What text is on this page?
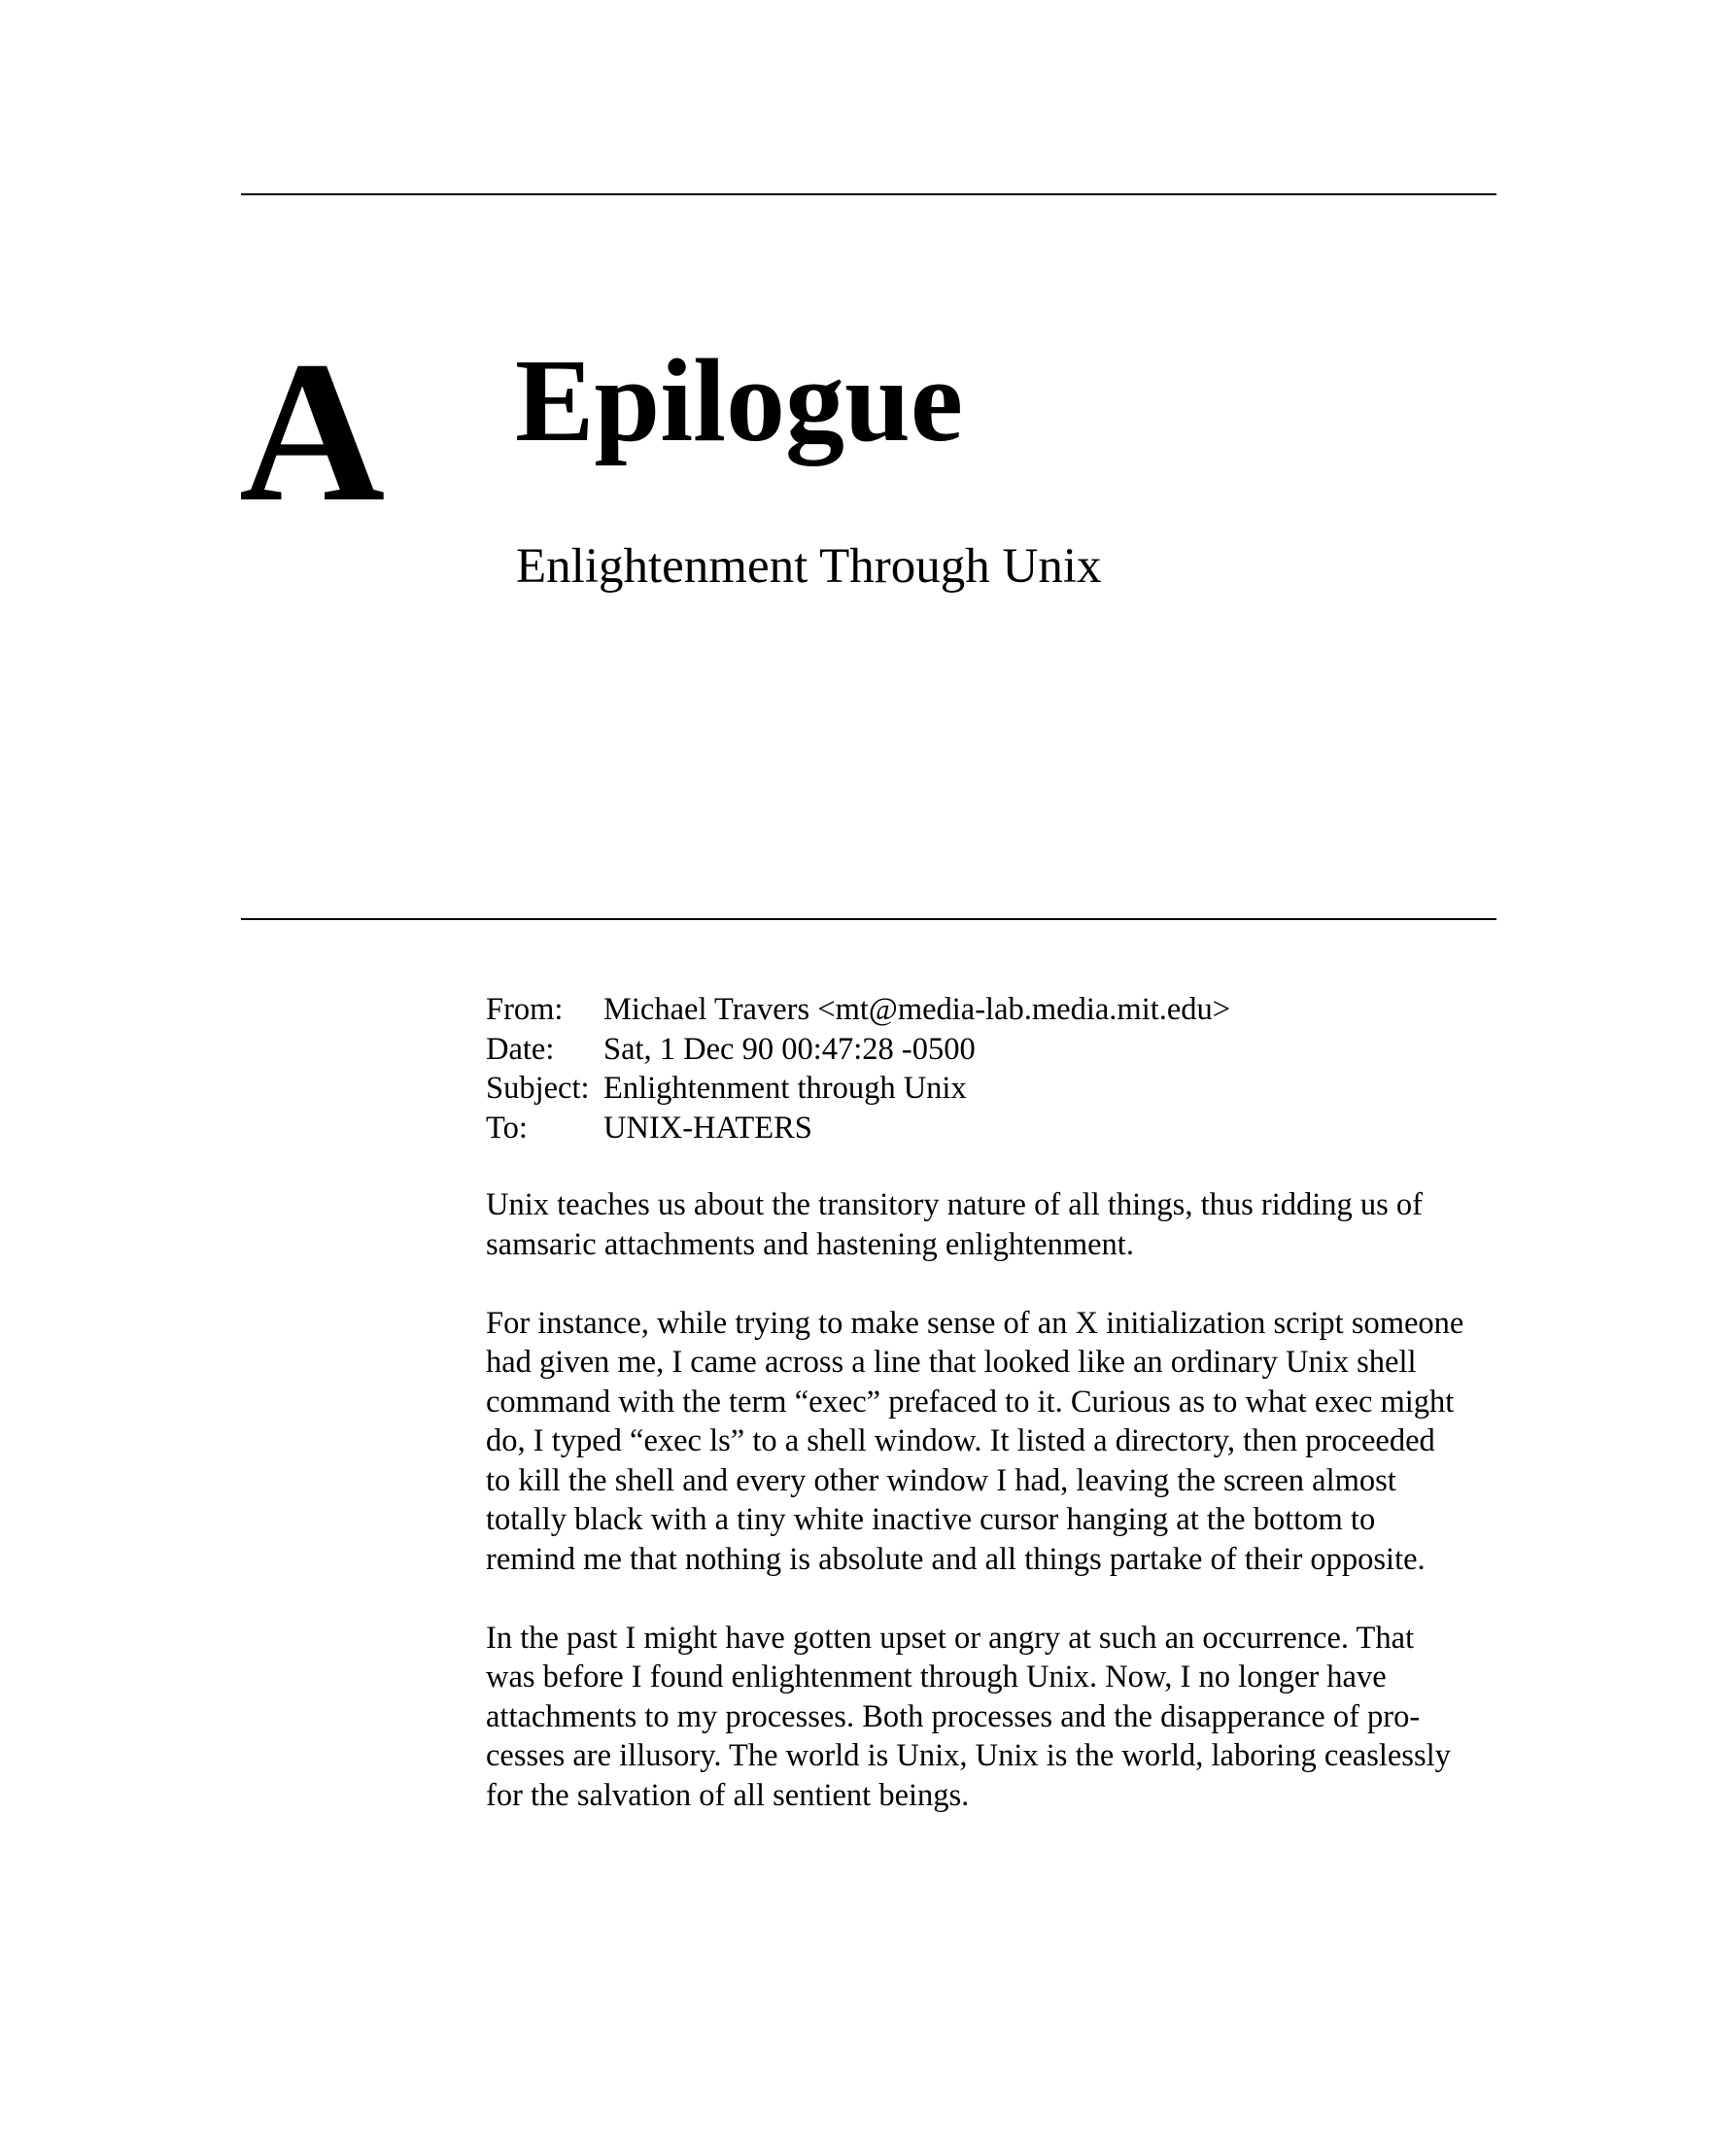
A Epilogue
Enlightenment Through Unix
From:	Michael Travers <mt@media-lab.media.mit.edu>
Date:	Sat, 1 Dec 90 00:47:28 -0500
Subject: Enlightenment through Unix
To:	UNIX-HATERS

Unix teaches us about the transitory nature of all things, thus ridding us of
samsaric attachments and hastening enlightenment.

For instance, while trying to make sense of an X initialization script someone
had given me, I came across a line that looked like an ordinary Unix shell
command with the term “exec” prefaced to it. Curious as to what exec might
do, I typed “exec ls” to a shell window. It listed a directory, then proceeded
to kill the shell and every other window I had, leaving the screen almost
totally black with a tiny white inactive cursor hanging at the bottom to
remind me that nothing is absolute and all things partake of their opposite.

In the past I might have gotten upset or angry at such an occurrence. That
was before I found enlightenment through Unix. Now, I no longer have
attachments to my processes. Both processes and the disapperance of pro-
cesses are illusory. The world is Unix, Unix is the world, laboring ceaslessly
for the salvation of all sentient beings.
